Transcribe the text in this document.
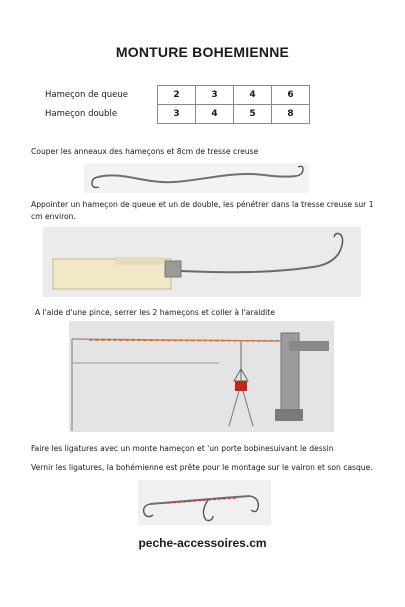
MONTURE BOHEMIENNE
Hameçon de queue	2	3	4	6
Hameçon double	3	4	5	8
Couper les anneaux des hameçons et 8cm de tresse creuse
Appointer un hameçon de queue et un de double, les pénétrer dans la tresse creuse sur 1 cm environ.
A l'aide d'une pince, serrer les 2 hameçons et coller à l'araldite
Faire les ligatures avec un monte hameçon et 'un porte bobinesuivant le dessin
Vernir les ligatures, la bohémienne est prête pour le montage sur le vairon et son casque.
peche-accessoires.cm
